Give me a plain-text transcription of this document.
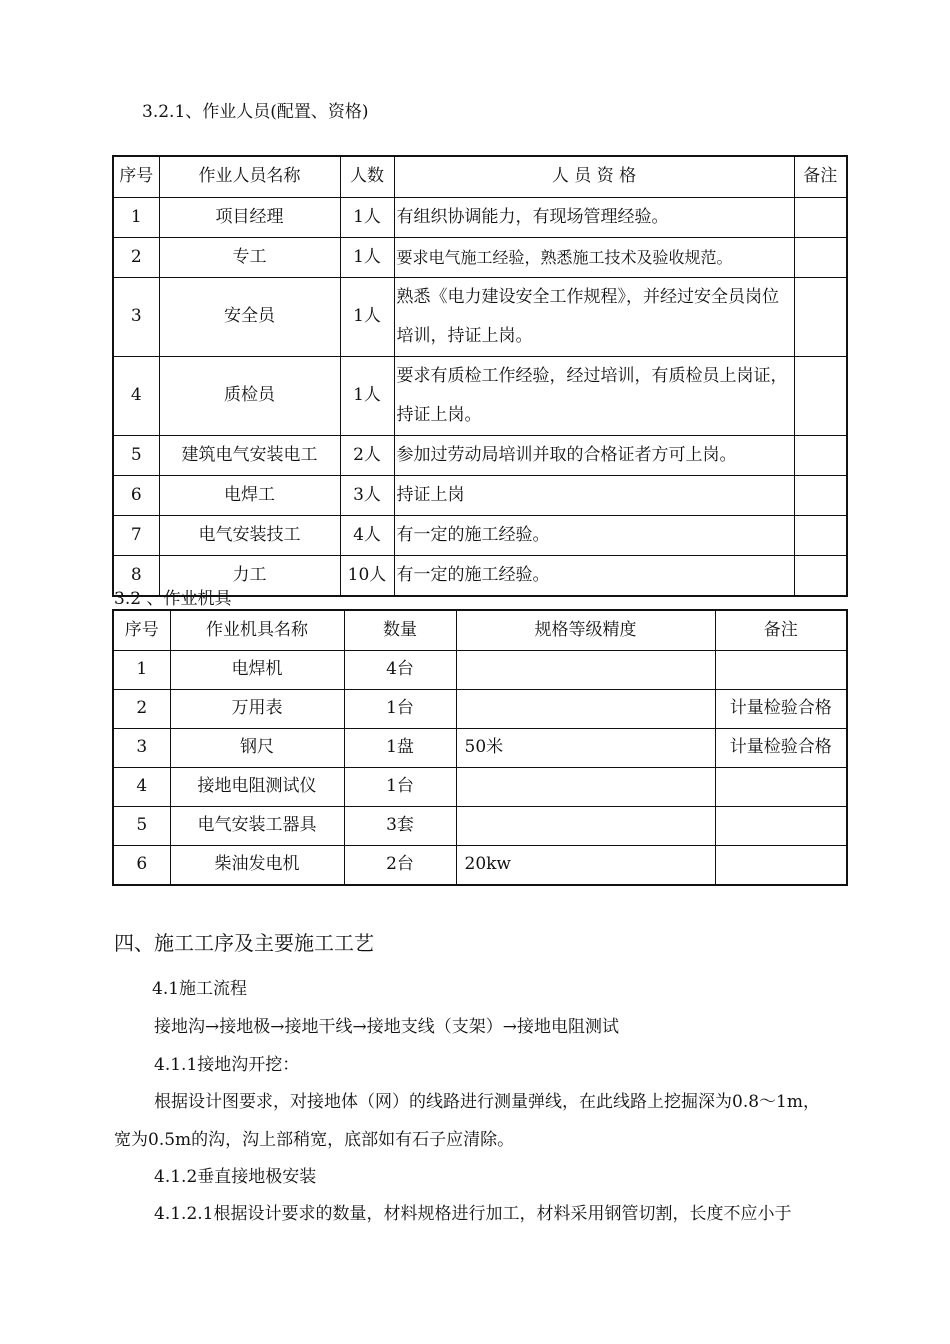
3.2.1、作业人员(配置、资格)
序号	作业人员名称	人数	人 员 资 格	备注
1	项目经理	1人	有组织协调能力，有现场管理经验。	
2	专工	1人	要求电气施工经验，熟悉施工技术及验收规范。	
3	安全员	1人	熟悉《电力建设安全工作规程》，并经过安全员岗位培训，持证上岗。	
4	质检员	1人	要求有质检工作经验，经过培训，有质检员上岗证，持证上岗。	
5	建筑电气安装电工	2人	参加过劳动局培训并取的合格证者方可上岗。	
6	电焊工	3人	持证上岗	
7	电气安装技工	4人	有一定的施工经验。	
8	力工	10人	有一定的施工经验。	
3.2 、作业机具
序号	作业机具名称	数量	规格等级精度	备注
1	电焊机	4台		
2	万用表	1台		计量检验合格
3	钢尺	1盘	50米	计量检验合格
4	接地电阻测试仪	1台		
5	电气安装工器具	3套		
6	柴油发电机	2台	20kw	
四、施工工序及主要施工工艺
4.1施工流程
接地沟→接地极→接地干线→接地支线（支架）→接地电阻测试
4.1.1接地沟开挖：
根据设计图要求，对接地体（网）的线路进行测量弹线，在此线路上挖掘深为0.8～1m，
宽为0.5m的沟，沟上部稍宽，底部如有石子应清除。
4.1.2垂直接地极安装
4.1.2.1根据设计要求的数量，材料规格进行加工，材料采用钢管切割，长度不应小于
